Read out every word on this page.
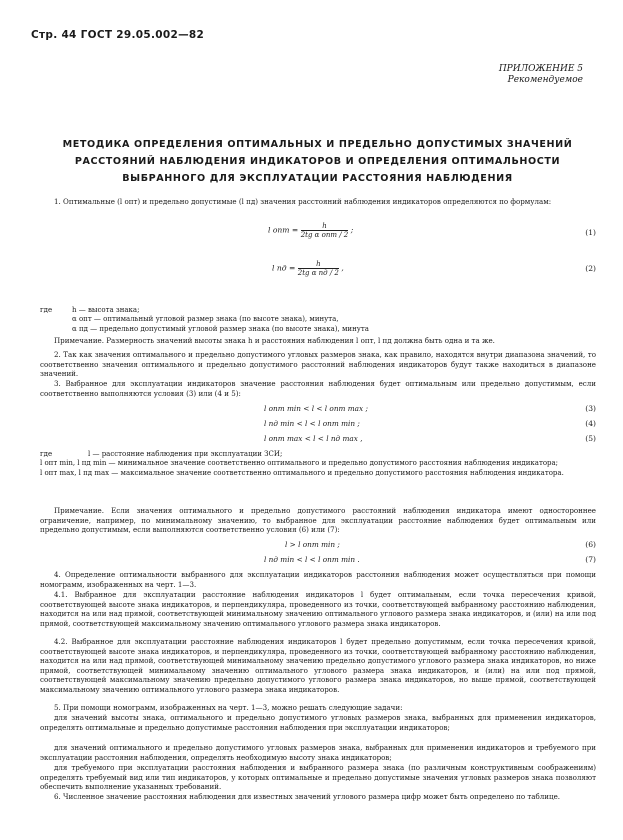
Стр. 44 ГОСТ 29.05.002—82
ПРИЛОЖЕНИЕ 5
Рекомендуемое
МЕТОДИКА ОПРЕДЕЛЕНИЯ ОПТИМАЛЬНЫХ И ПРЕДЕЛЬНО ДОПУСТИМЫХ ЗНАЧЕНИЙ
РАССТОЯНИЙ НАБЛЮДЕНИЯ ИНДИКАТОРОВ И ОПРЕДЕЛЕНИЯ ОПТИМАЛЬНОСТИ
ВЫБРАННОГО ДЛЯ ЭКСПЛУАТАЦИИ РАССТОЯНИЯ НАБЛЮДЕНИЯ
1. Оптимальные (l опт) и предельно допустимые (l пд) значения расстояний наблюдения индикаторов определяются по формулам:
l опт = $\frac{h}{\text{2tg α опт / 2}}$ ;	(1)
l пд = $\frac{h}{\text{2tg α пд / 2}}$ ,	(2)
где	h — высота знака;
α опт — оптимальный угловой размер знака (по высоте знака), минута,
α пд — предельно допустимый угловой размер знака (по высоте знака), минута
Примечание. Размерность значений высоты знака h и расстояния наблюдения l опт, l пд должна быть одна и та же.
2. Так как значения оптимального и предельно допустимого угловых размеров знака, как правило, находятся внутри диапазона значений, то соответственно значения оптимального и предельно допустимого расстояний наблюдения индикаторов будут также находиться в диапазоне значений.
3. Выбранное для эксплуатации индикаторов значение расстояния наблюдения будет оптимальным или предельно допустимым, если соответственно выполняются условия (3) или (4 и 5):
l опт min < l < l опт max ;	(3)
l пд min < l < l опт min ;	(4)
l опт max < l < l пд max ,	(5)
где	l — расстояние наблюдения при эксплуатации ЗСИ;
l опт min, l пд min — минимальное значение соответственно оптимального и предельно допустимого расстояния наблюдения индикатора;
l опт max, l пд max — максимальное значение соответственно оптимального и предельно допустимого расстояния наблюдения индикатора.
Примечание. Если значения оптимального и предельно допустимого расстояний наблюдения индикатора имеют одностороннее ограничение, например, по минимальному значению, то выбранное для эксплуатации расстояние наблюдения будет оптимальным или предельно допустимым, если выполняются соответственно условия (6) или (7):
l > l опт min ;	(6)
l пд min < l < l опт min .	(7)
4. Определение оптимальности выбранного для эксплуатации индикаторов расстояния наблюдения может осуществляться при помощи номограмм, изображенных на черт. 1—3.
4.1. Выбранное для эксплуатации расстояние наблюдения индикаторов l будет оптимальным, если точка пересечения кривой, соответствующей высоте знака индикаторов, и перпендикуляра, проведенного из точки, соответствующей выбранному расстоянию наблюдения, находится на или над прямой, соответствующей минимальному значению оптимального углового размера знака индикаторов, и (или) на или под прямой, соответствующей максимальному значению оптимального углового размера знака индикаторов.
4.2. Выбранное для эксплуатации расстояние наблюдения индикаторов l будет предельно допустимым, если точка пересечения кривой, соответствующей высоте знака индикаторов, и перпендикуляра, проведенного из точки, соответствующей выбранному расстоянию наблюдения, находится на или над прямой, соответствующей минимальному значению предельно допустимого углового размера знака индикаторов, но ниже прямой, соответствующей минимальному значению оптимального углового размера знака индикаторов, и (или) на или под прямой, соответствующей максимальному значению предельно допустимого углового размера знака индикаторов, но выше прямой, соответствующей максимальному значению оптимального углового размера знака индикаторов.
5. При помощи номограмм, изображенных на черт. 1—3, можно решать следующие задачи:
для значений высоты знака, оптимального и предельно допустимого угловых размеров знака, выбранных для применения индикаторов, определять оптимальные и предельно допустимые расстояния наблюдения при эксплуатации индикаторов;
для значений оптимального и предельно допустимого угловых размеров знака, выбранных для применения индикаторов и требуемого при эксплуатации расстояния наблюдения, определять необходимую высоту знака индикаторов;
для требуемого при эксплуатации расстояния наблюдения и выбранного размера знака (по различным конструктивным соображениям) определять требуемый вид или тип индикаторов, у которых оптимальные и предельно допустимые значения угловых размеров знака позволяют обеспечить выполнение указанных требований.
6. Численное значение расстояния наблюдения для известных значений углового размера цифр может быть определено по таблице.
